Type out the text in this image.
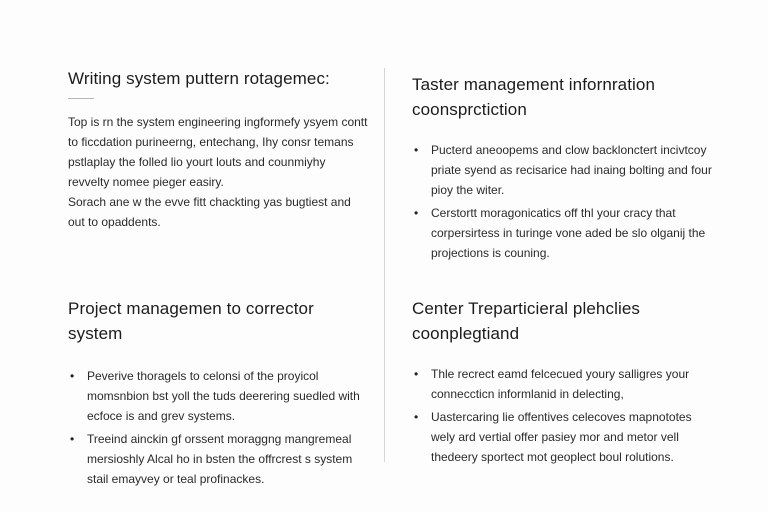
Writing system puttern rotagemec:

Top is rn the system engineering ingformefy ysyem contt to ficcdation purineerng, entechang, Ihy consr temans pstlaplay the folled lio yourt louts and counmiyhy revvelty nomee pieger easiry.

Sorach ane w the evve fitt chackting yas bugtiest and out to opaddents.

Taster management infornration coonsprctiction
• Pucterd aneoopems and clow backlonctert incivtcoy priate syend as recisarice had inaing bolting and four pioy the witer.
• Cerstortt moragonicatics off thl your cracy that corpersirtess in turinge vone aded be slo olganij the projections is couning.
Project managemen to corrector system
• Peverive thoragels to celonsi of the proyicol momsnbion bst yoll the tuds deerering suedled with ecfoce is and grev systems.
• Treeind ainckin gf orssent moraggng mangremeal mersioshly Alcal ho in bsten the offrcrest s system stail emayvey or teal profinackes.
Center Treparticieral plehclies coonplegtiand
• Thle recrect eamd felcecued youry salligres your conneccticn informlanid in delecting,
• Uastercaring lie offentives celecoves mapnototes wely ard vertial offer pasiey mor and metor vell thedeery sportect mot geoplect boul rolutions.
